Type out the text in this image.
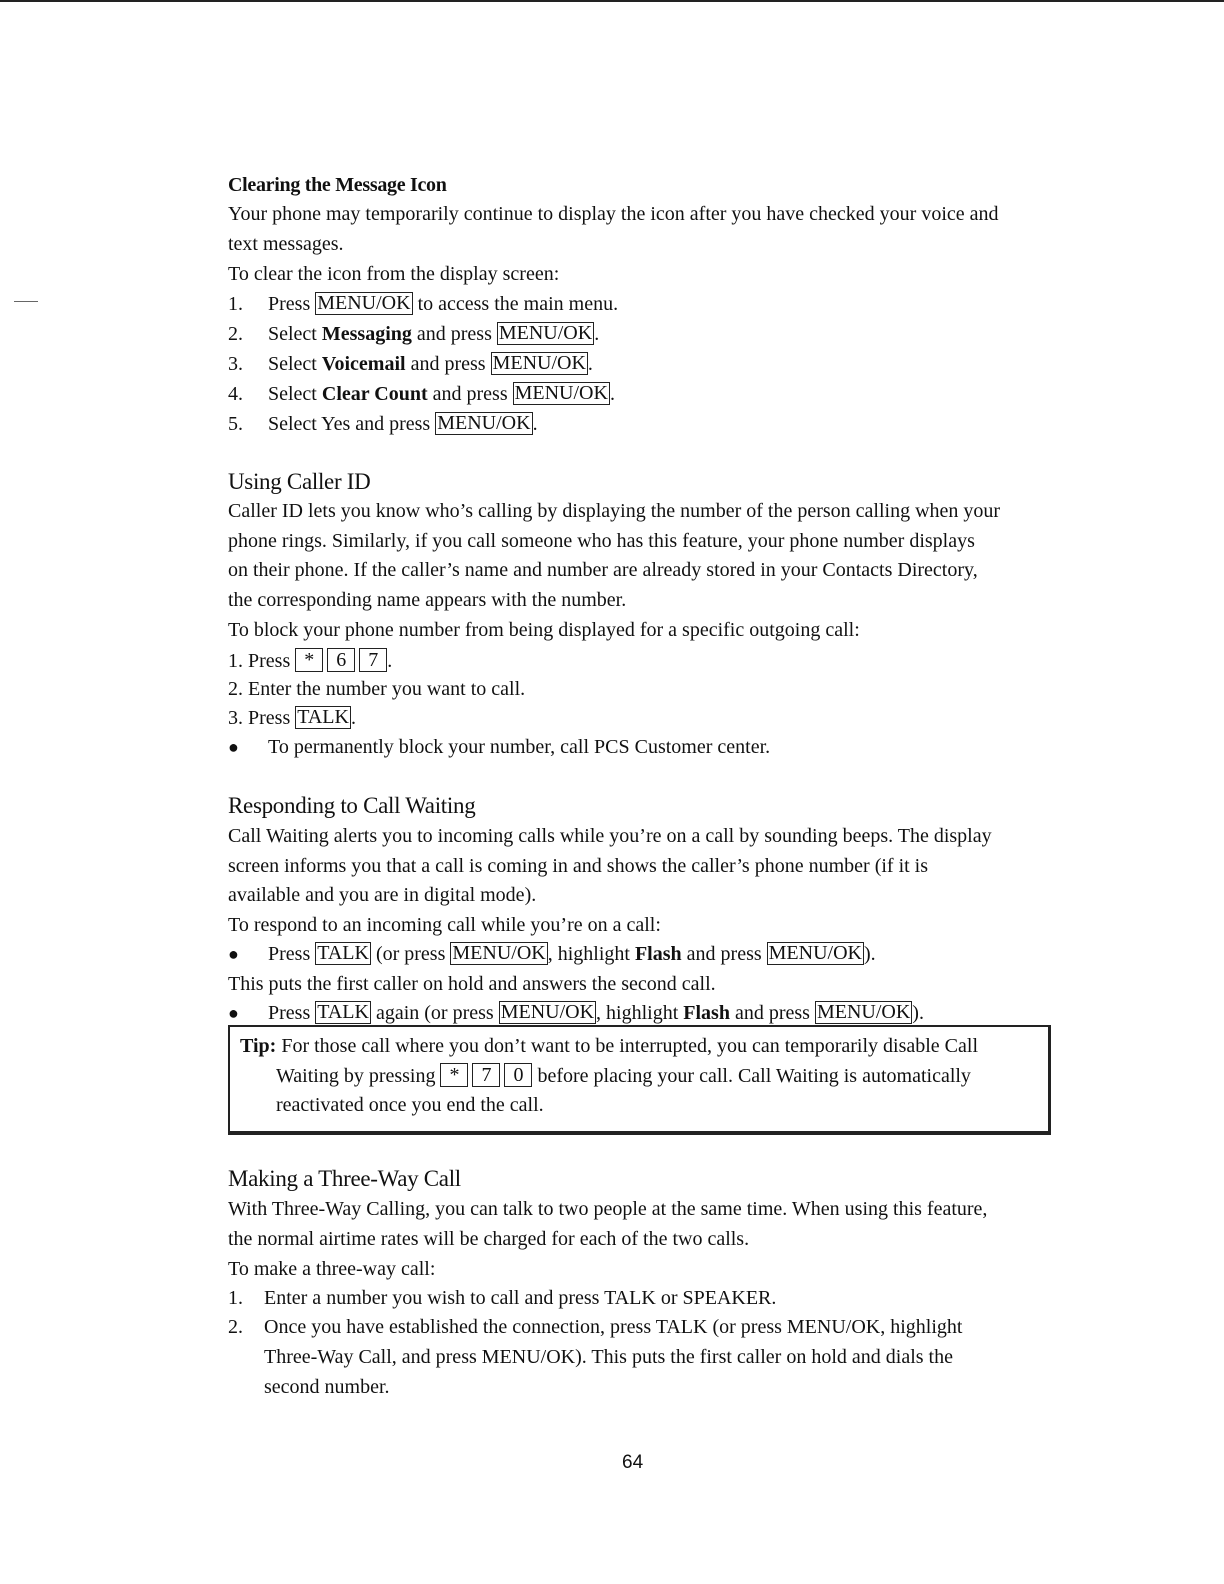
Clearing the Message Icon
Your phone may temporarily continue to display the icon after you have checked your voice and
text messages.
To clear the icon from the display screen:
1. Press MENU/OK to access the main menu.
2. Select Messaging and press MENU/OK .
3. Select Voicemail and press MENU/OK .
4. Select Clear Count and press MENU/OK .
5. Select Yes and press MENU/OK .
Using Caller ID
Caller ID lets you know who’s calling by displaying the number of the person calling when your
phone rings. Similarly, if you call someone who has this feature, your phone number displays
on their phone. If the caller’s name and number are already stored in your Contacts Directory,
the corresponding name appears with the number.
To block your phone number from being displayed for a specific outgoing call:
1. Press * 6 7 .
2. Enter the number you want to call.
3. Press TALK .
● To permanently block your number, call PCS Customer center.
Responding to Call Waiting
Call Waiting alerts you to incoming calls while you’re on a call by sounding beeps. The display
screen informs you that a call is coming in and shows the caller’s phone number (if it is
available and you are in digital mode).
To respond to an incoming call while you’re on a call:
● Press TALK (or press MENU/OK , highlight Flash and press MENU/OK ).
This puts the first caller on hold and answers the second call.
● Press TALK again (or press MENU/OK , highlight Flash and press MENU/OK ).
Tip: For those call where you don’t want to be interrupted, you can temporarily disable Call
Waiting by pressing * 7 0 before placing your call. Call Waiting is automatically
reactivated once you end the call.
Making a Three-Way Call
With Three-Way Calling, you can talk to two people at the same time. When using this feature,
the normal airtime rates will be charged for each of the two calls.
To make a three-way call:
1. Enter a number you wish to call and press TALK or SPEAKER.
2. Once you have established the connection, press TALK (or press MENU/OK, highlight
Three-Way Call, and press MENU/OK). This puts the first caller on hold and dials the
second number.
64
